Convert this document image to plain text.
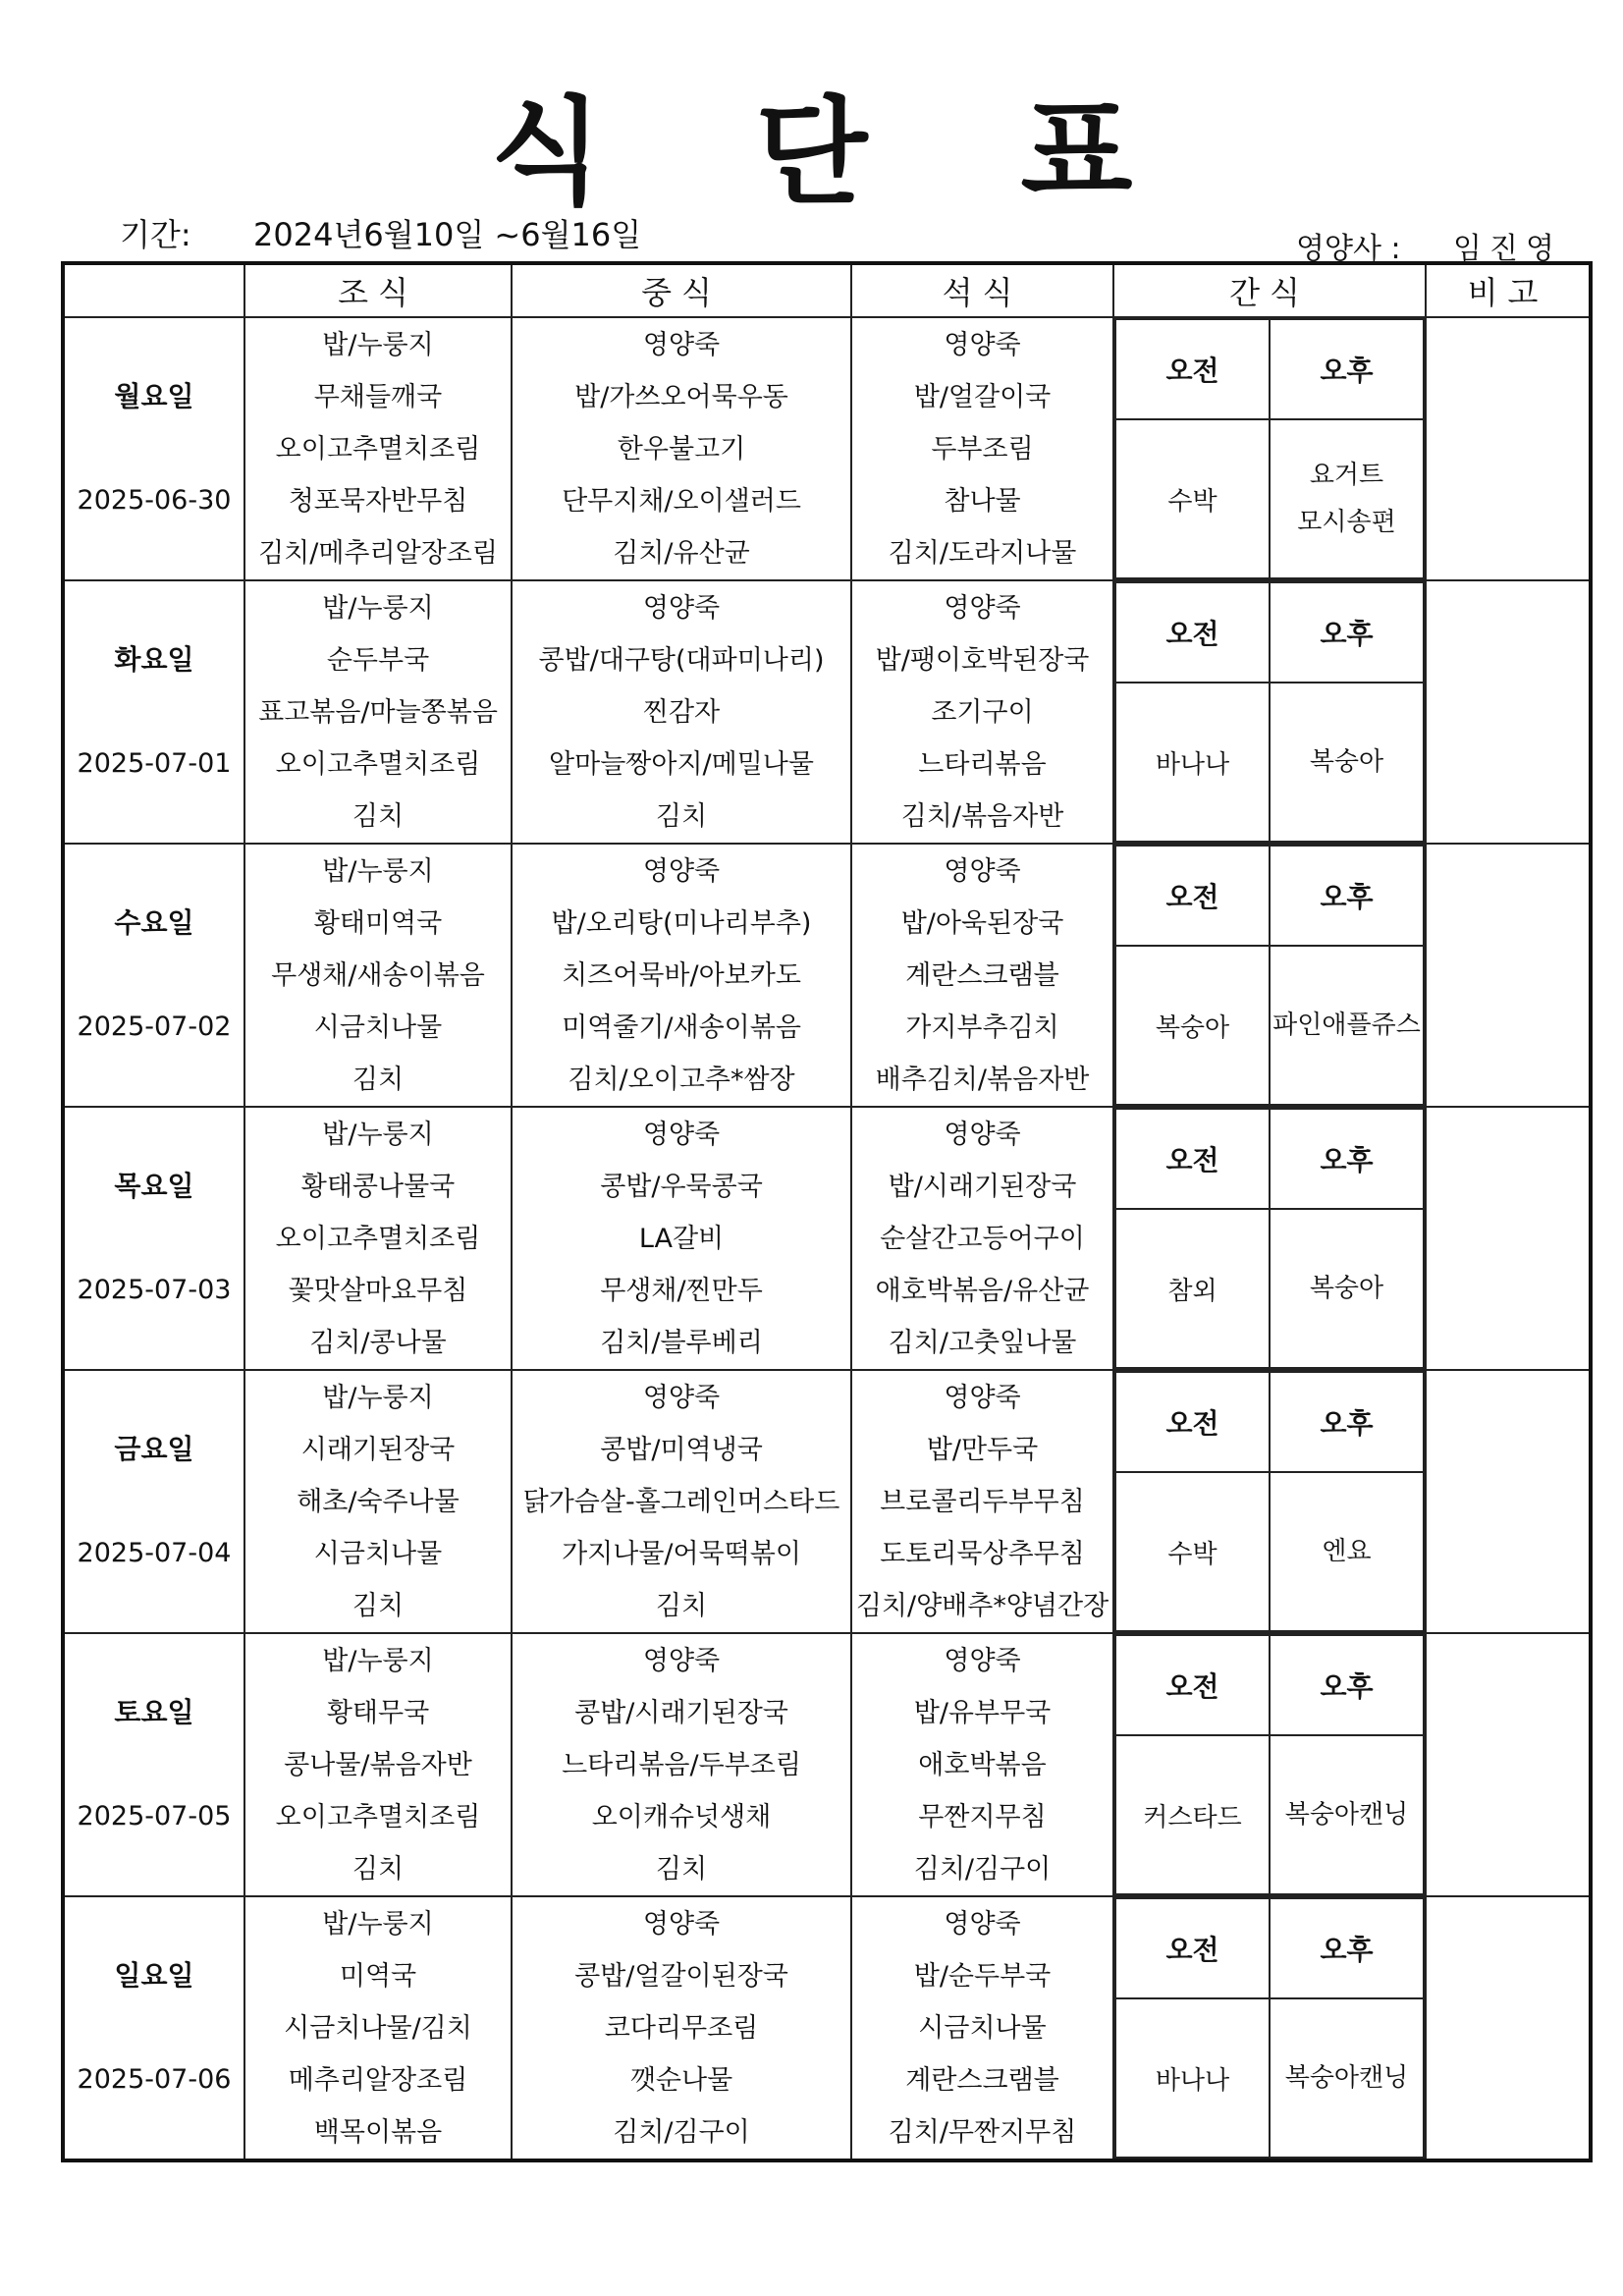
식 단 표
기간: 2024년6월10일 ~6월16일	영양사 : 임진영
	조식	중식	석식	간식	비고

월요일
2025-06-30

밥/누룽지
무채들깨국
오이고추멸치조림
청포묵자반무침
김치/메추리알장조림

영양죽
밥/가쓰오어묵우동
한우불고기
단무지채/오이샐러드
김치/유산균

영양죽
밥/얼갈이국
두부조림
참나물
김치/도라지나물

오전	오후
수박	요거트
모시송편

화요일
2025-07-01

밥/누룽지
순두부국
표고볶음/마늘쫑볶음
오이고추멸치조림
김치

영양죽
콩밥/대구탕(대파미나리)
찐감자
알마늘짱아지/메밀나물
김치

영양죽
밥/팽이호박된장국
조기구이
느타리볶음
김치/볶음자반

오전	오후
바나나	복숭아

수요일
2025-07-02

밥/누룽지
황태미역국
무생채/새송이볶음
시금치나물
김치

영양죽
밥/오리탕(미나리부추)
치즈어묵바/아보카도
미역줄기/새송이볶음
김치/오이고추*쌈장

영양죽
밥/아욱된장국
계란스크램블
가지부추김치
배추김치/볶음자반

오전	오후
복숭아	파인애플쥬스

목요일
2025-07-03

밥/누룽지
황태콩나물국
오이고추멸치조림
꽃맛살마요무침
김치/콩나물

영양죽
콩밥/우묵콩국
LA갈비
무생채/찐만두
김치/블루베리

영양죽
밥/시래기된장국
순살간고등어구이
애호박볶음/유산균
김치/고춧잎나물

오전	오후
참외	복숭아

금요일
2025-07-04

밥/누룽지
시래기된장국
해초/숙주나물
시금치나물
김치

영양죽
콩밥/미역냉국
닭가슴살-홀그레인머스타드
가지나물/어묵떡볶이
김치

영양죽
밥/만두국
브로콜리두부무침
도토리묵상추무침
김치/양배추*양념간장

오전	오후
수박	엔요

토요일
2025-07-05

밥/누룽지
황태무국
콩나물/볶음자반
오이고추멸치조림
김치

영양죽
콩밥/시래기된장국
느타리볶음/두부조림
오이캐슈넛생채
김치

영양죽
밥/유부무국
애호박볶음
무짠지무침
김치/김구이

오전	오후
커스타드	복숭아캔닝

일요일
2025-07-06

밥/누룽지
미역국
시금치나물/김치
메추리알장조림
백목이볶음

영양죽
콩밥/얼갈이된장국
코다리무조림
깻순나물
김치/김구이

영양죽
밥/순두부국
시금치나물
계란스크램블
김치/무짠지무침

오전	오후
바나나	복숭아캔닝
